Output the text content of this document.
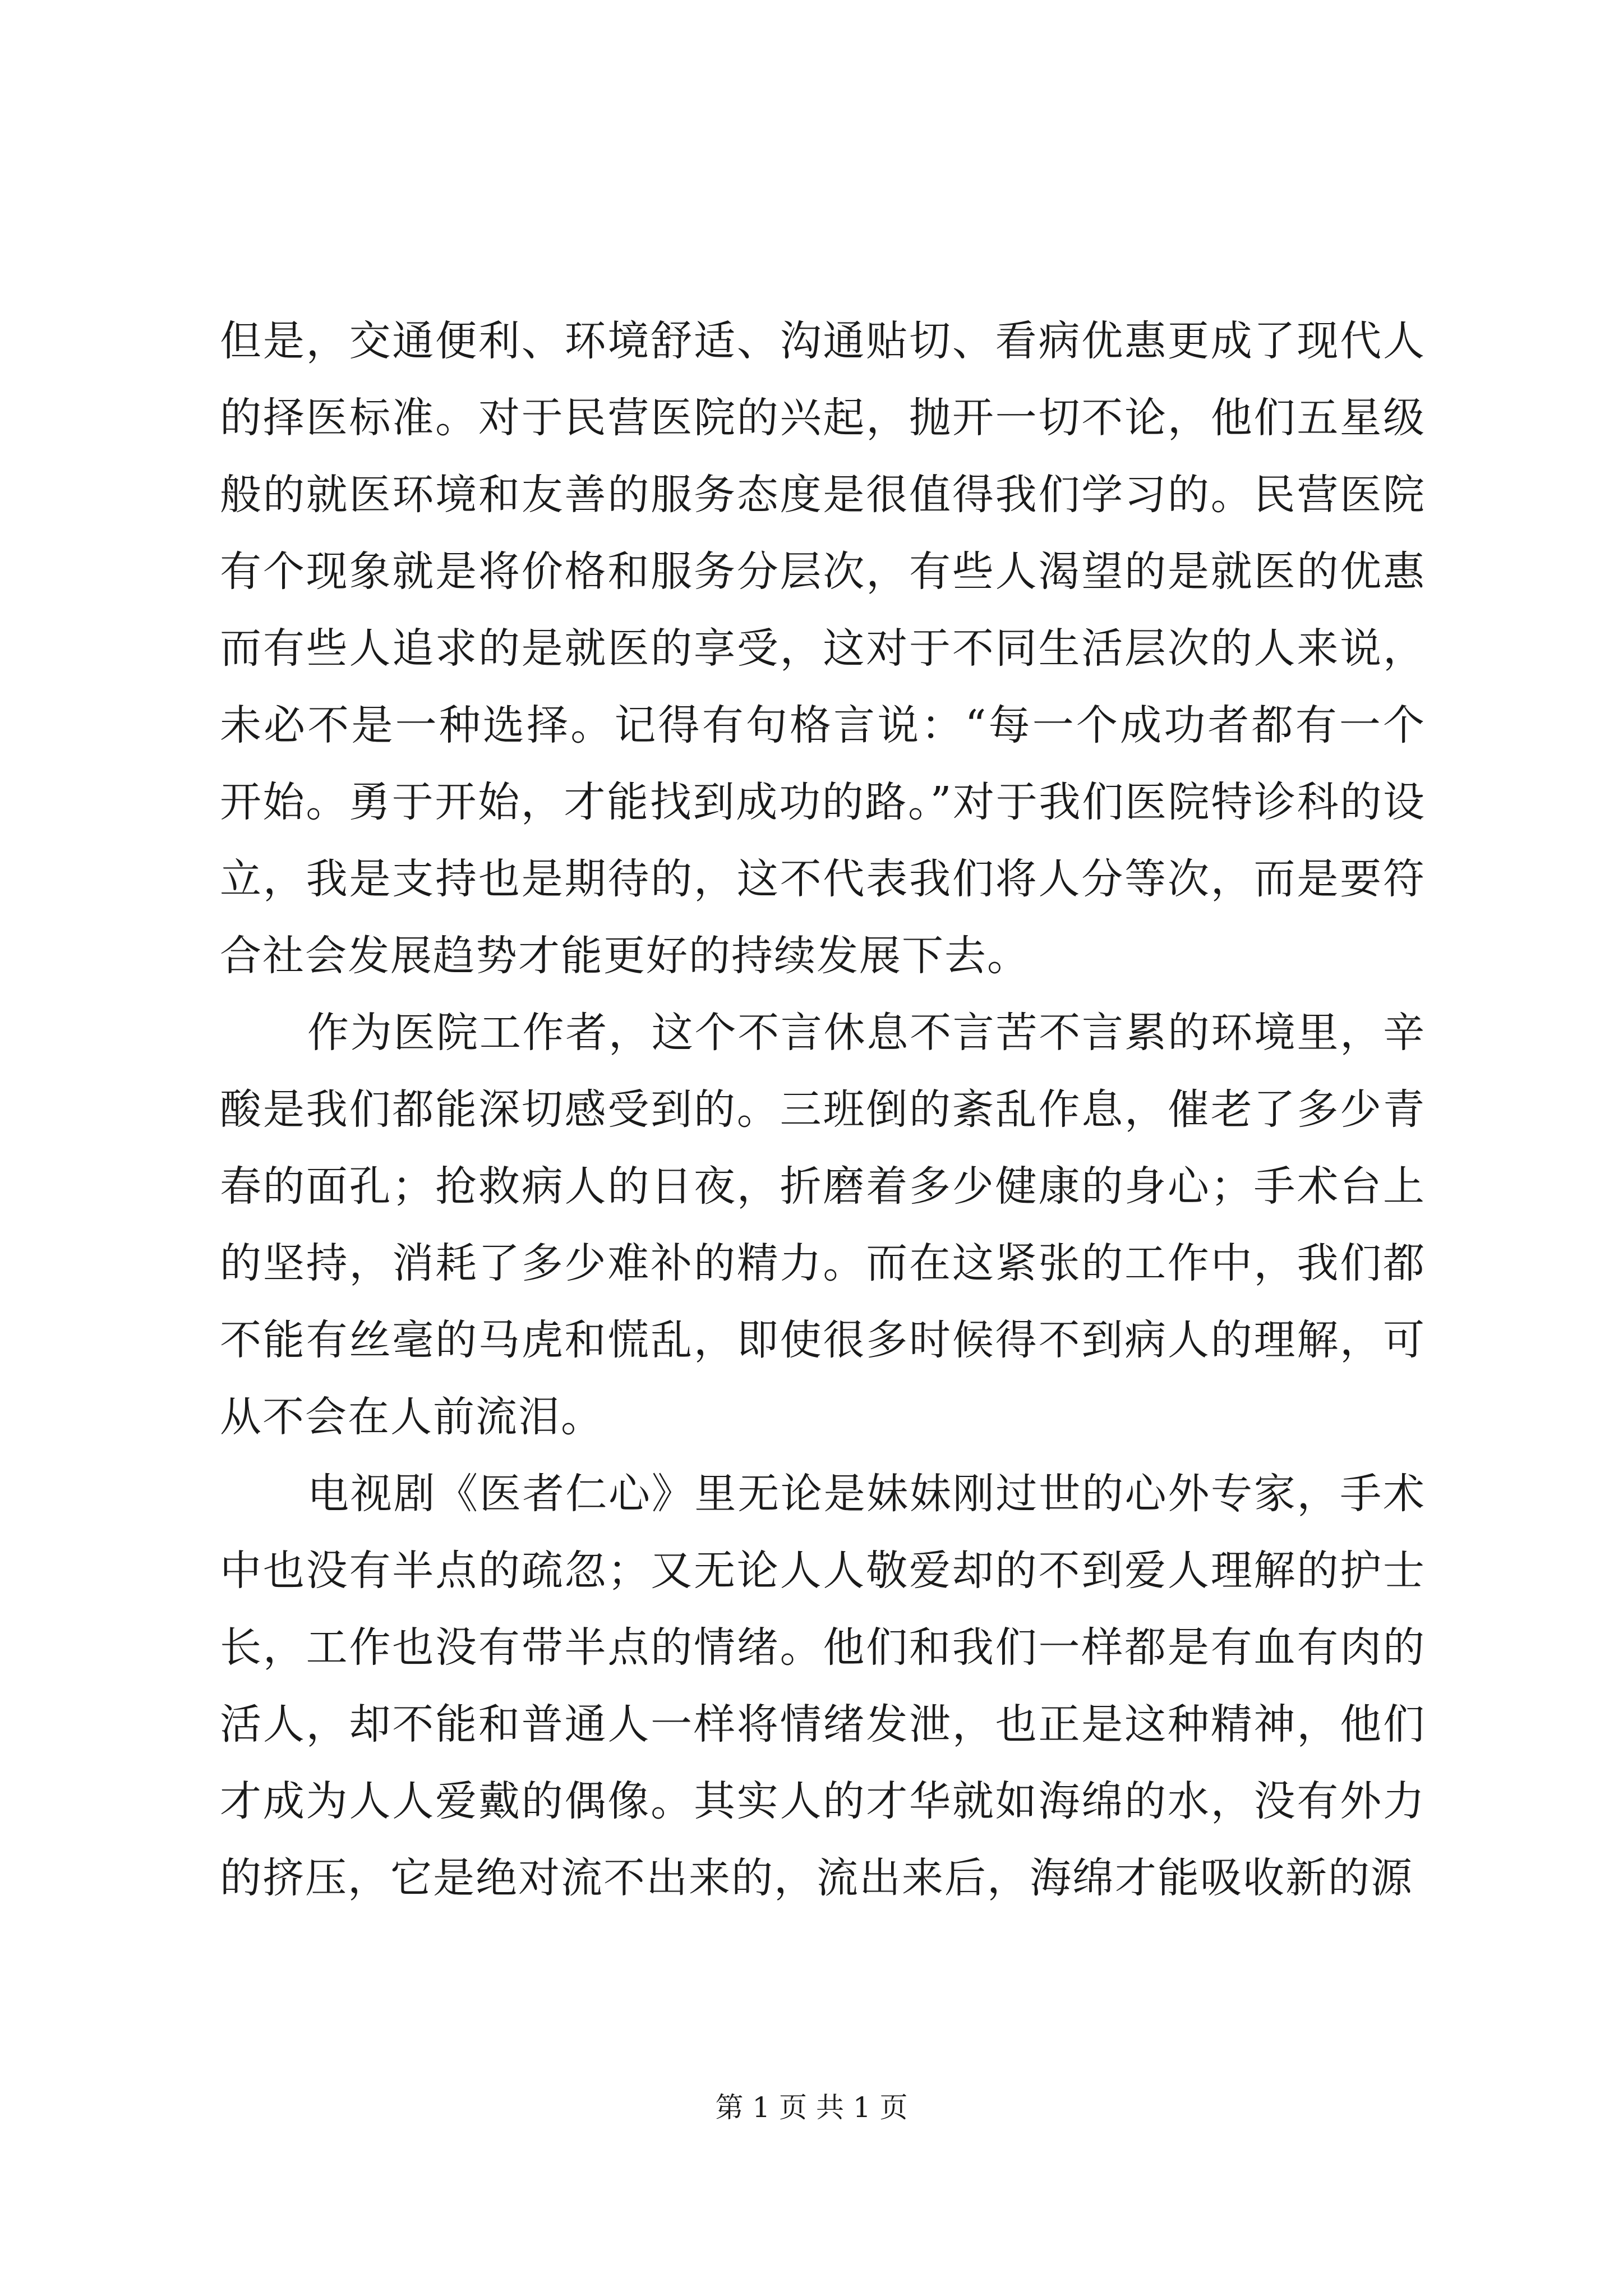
但是，交通便利、环境舒适、沟通贴切、看病优惠更成了现代人的择医标准。对于民营医院的兴起，抛开一切不论，他们五星级般的就医环境和友善的服务态度是很值得我们学习的。民营医院有个现象就是将价格和服务分层次，有些人渴望的是就医的优惠而有些人追求的是就医的享受，这对于不同生活层次的人来说，未必不是一种选择。记得有句格言说：“每一个成功者都有一个开始。勇于开始，才能找到成功的路。”对于我们医院特诊科的设立，我是支持也是期待的，这不代表我们将人分等次，而是要符合社会发展趋势才能更好的持续发展下去。

作为医院工作者，这个不言休息不言苦不言累的环境里，辛酸是我们都能深切感受到的。三班倒的紊乱作息，催老了多少青春的面孔；抢救病人的日夜，折磨着多少健康的身心；手术台上的坚持，消耗了多少难补的精力。而在这紧张的工作中，我们都不能有丝毫的马虎和慌乱，即使很多时候得不到病人的理解，可从不会在人前流泪。

电视剧《医者仁心》里无论是妹妹刚过世的心外专家，手术中也没有半点的疏忽；又无论人人敬爱却的不到爱人理解的护士长，工作也没有带半点的情绪。他们和我们一样都是有血有肉的活人，却不能和普通人一样将情绪发泄，也正是这种精神，他们才成为人人爱戴的偶像。其实人的才华就如海绵的水，没有外力的挤压，它是绝对流不出来的，流出来后，海绵才能吸收新的源

第 1 页 共 1 页
